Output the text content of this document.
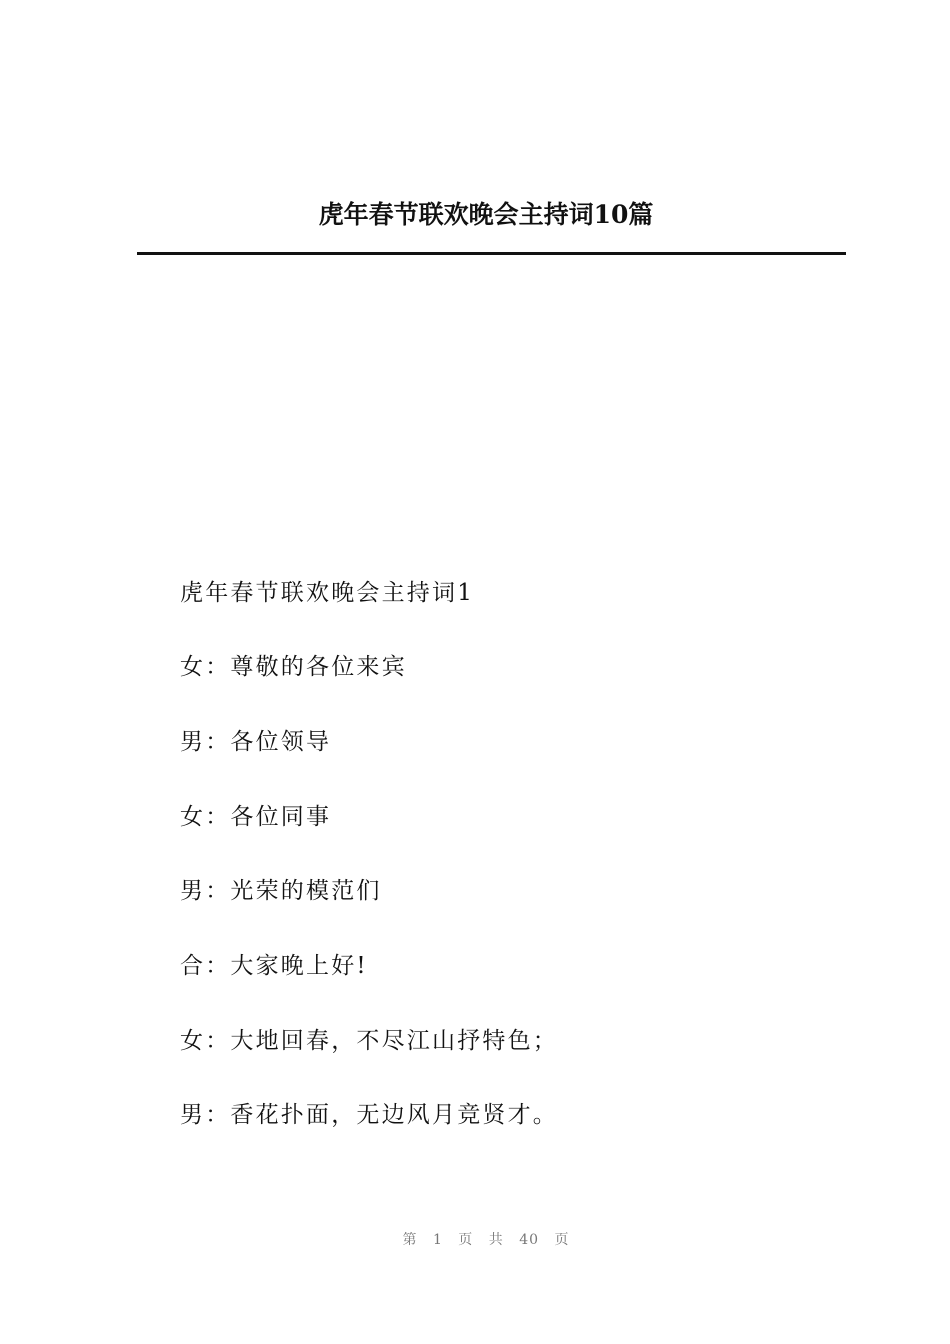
虎年春节联欢晚会主持词10篇
虎年春节联欢晚会主持词1
女：尊敬的各位来宾
男：各位领导
女：各位同事
男：光荣的模范们
合：大家晚上好!
女：大地回春，不尽江山抒特色；
男：香花扑面，无边风月竞贤才。
第 1 页 共 40 页
